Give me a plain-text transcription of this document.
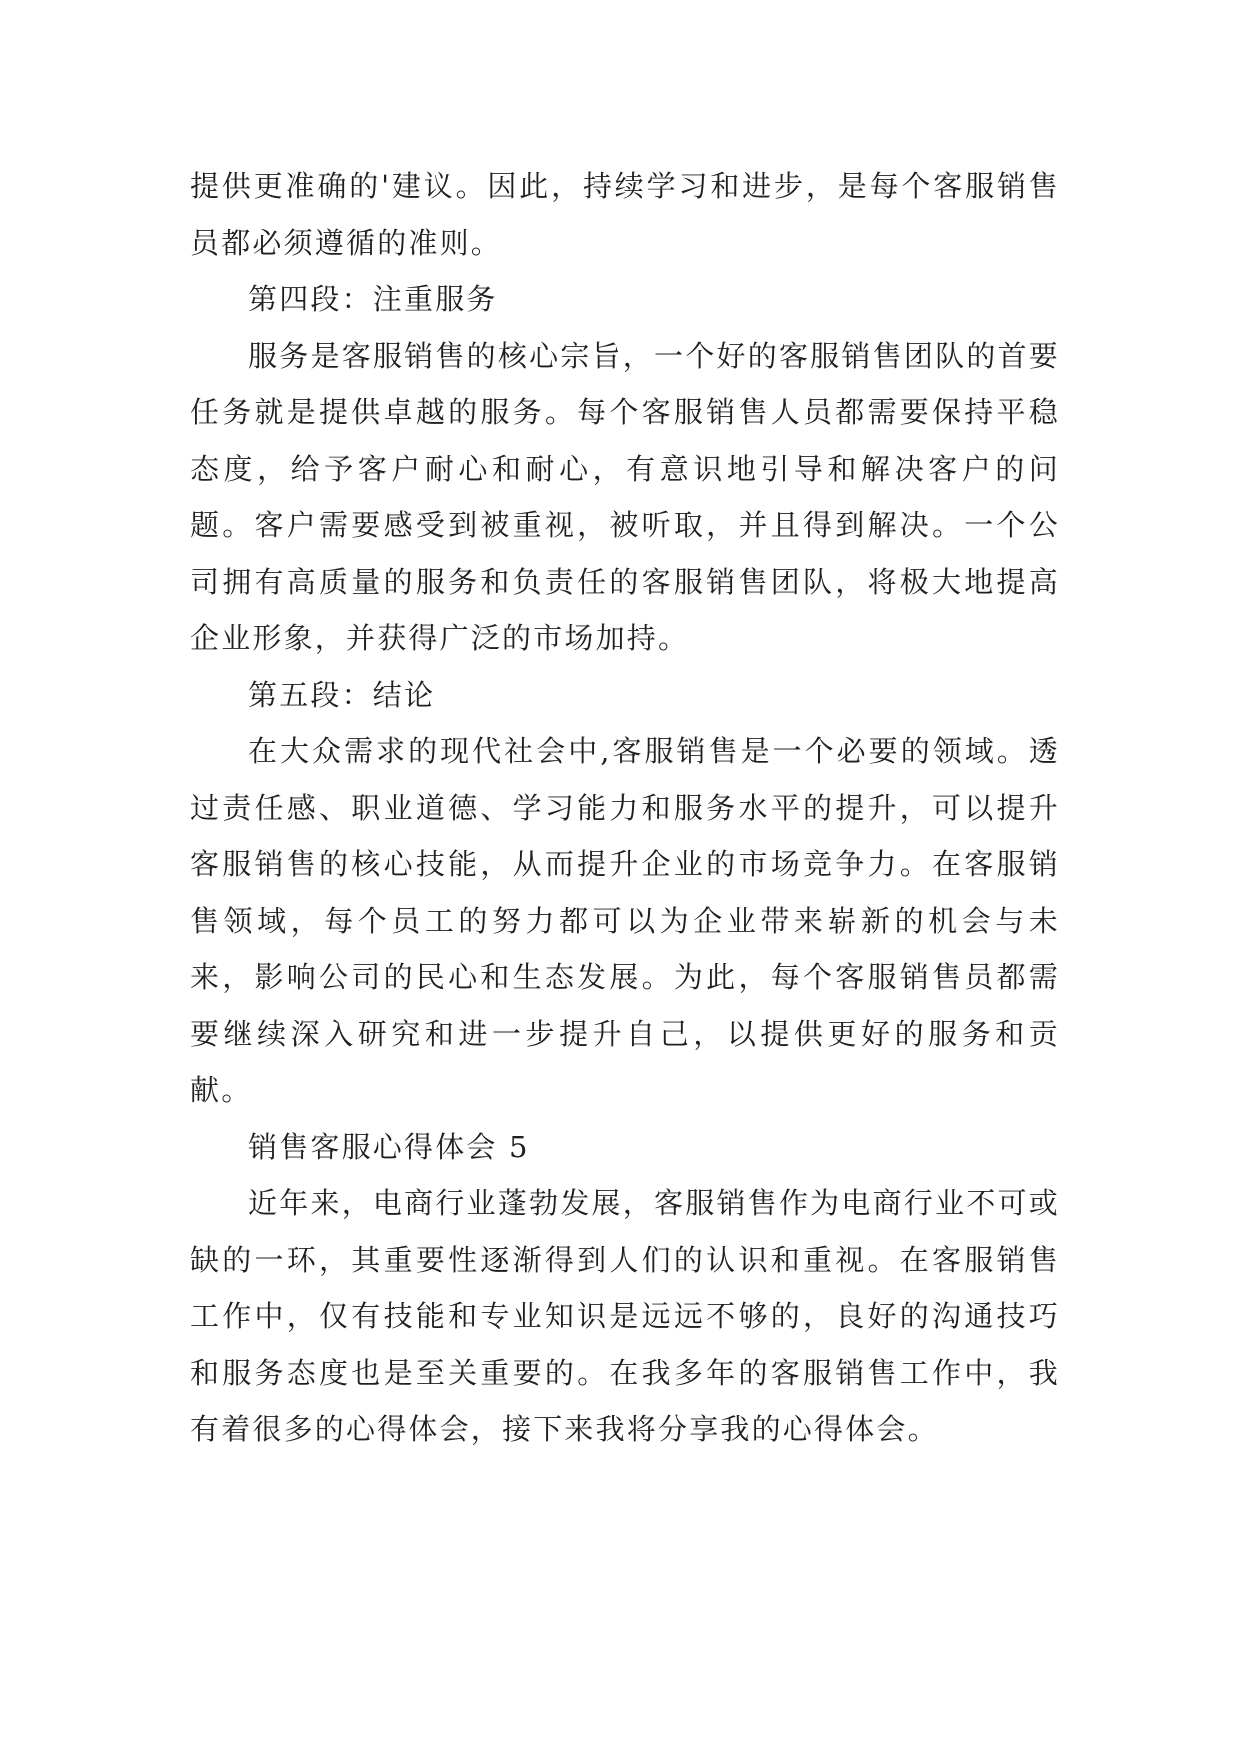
提供更准确的'建议。因此，持续学习和进步，是每个客服销售员都必须遵循的准则。

第四段：注重服务

服务是客服销售的核心宗旨，一个好的客服销售团队的首要任务就是提供卓越的服务。每个客服销售人员都需要保持平稳态度，给予客户耐心和耐心，有意识地引导和解决客户的问题。客户需要感受到被重视，被听取，并且得到解决。一个公司拥有高质量的服务和负责任的客服销售团队，将极大地提高企业形象，并获得广泛的市场加持。

第五段：结论

在大众需求的现代社会中,客服销售是一个必要的领域。透过责任感、职业道德、学习能力和服务水平的提升，可以提升客服销售的核心技能，从而提升企业的市场竞争力。在客服销售领域，每个员工的努力都可以为企业带来崭新的机会与未来，影响公司的民心和生态发展。为此，每个客服销售员都需要继续深入研究和进一步提升自己，以提供更好的服务和贡献。

销售客服心得体会 5

近年来，电商行业蓬勃发展，客服销售作为电商行业不可或缺的一环，其重要性逐渐得到人们的认识和重视。在客服销售工作中，仅有技能和专业知识是远远不够的，良好的沟通技巧和服务态度也是至关重要的。在我多年的客服销售工作中，我有着很多的心得体会，接下来我将分享我的心得体会。
